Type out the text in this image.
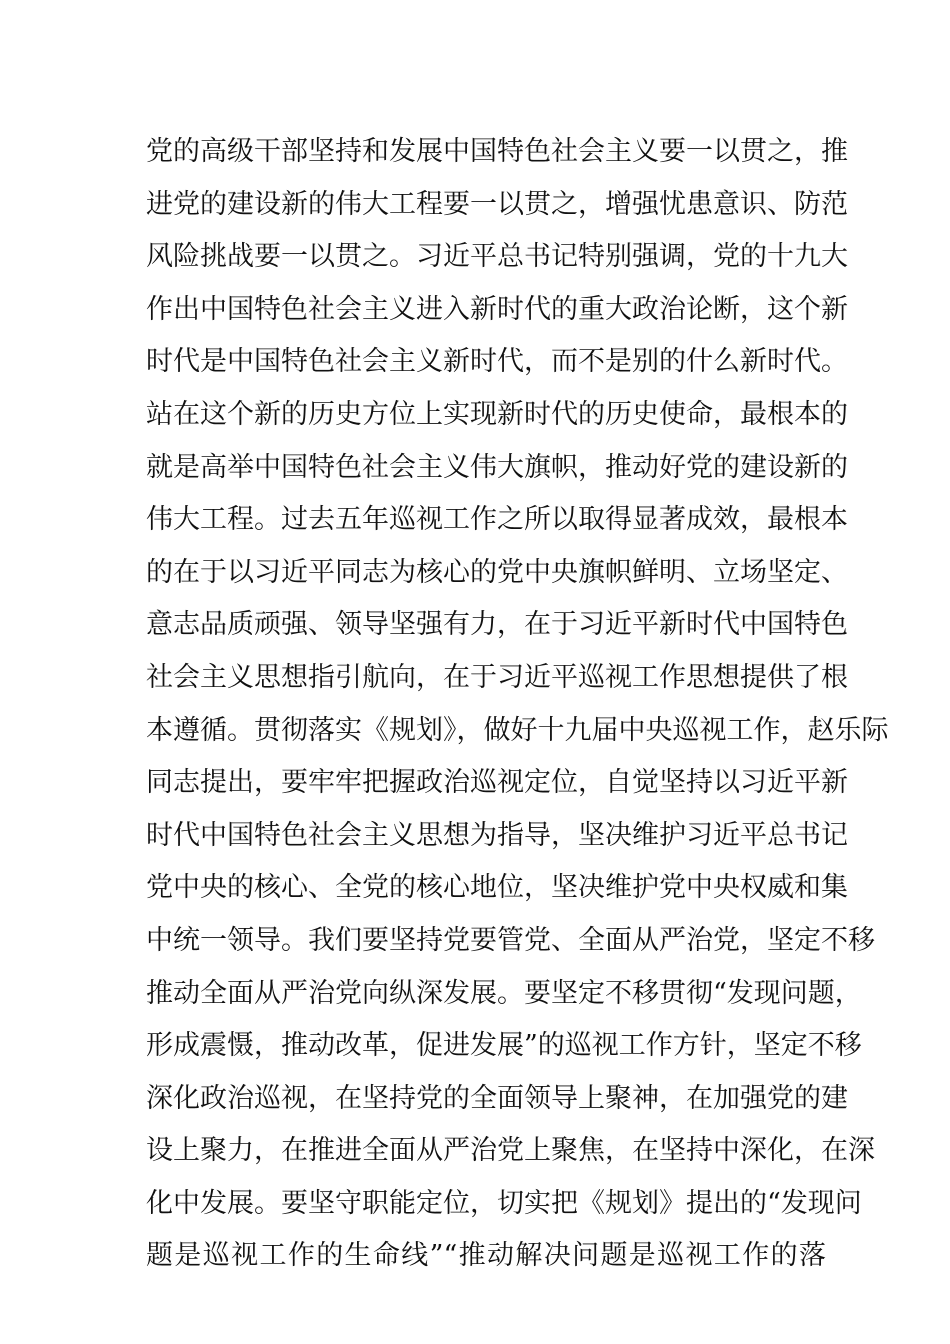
党的高级干部坚持和发展中国特色社会主义要一以贯之，推
进党的建设新的伟大工程要一以贯之，增强忧患意识、防范
风险挑战要一以贯之。习近平总书记特别强调，党的十九大
作出中国特色社会主义进入新时代的重大政治论断，这个新
时代是中国特色社会主义新时代，而不是别的什么新时代。
站在这个新的历史方位上实现新时代的历史使命，最根本的
就是高举中国特色社会主义伟大旗帜，推动好党的建设新的
伟大工程。过去五年巡视工作之所以取得显著成效，最根本
的在于以习近平同志为核心的党中央旗帜鲜明、立场坚定、
意志品质顽强、领导坚强有力，在于习近平新时代中国特色
社会主义思想指引航向，在于习近平巡视工作思想提供了根
本遵循。贯彻落实《规划》，做好十九届中央巡视工作，赵乐际
同志提出，要牢牢把握政治巡视定位，自觉坚持以习近平新
时代中国特色社会主义思想为指导，坚决维护习近平总书记
党中央的核心、全党的核心地位，坚决维护党中央权威和集
中统一领导。我们要坚持党要管党、全面从严治党，坚定不移
推动全面从严治党向纵深发展。要坚定不移贯彻“发现问题，
形成震慑，推动改革，促进发展”的巡视工作方针，坚定不移
深化政治巡视，在坚持党的全面领导上聚神，在加强党的建
设上聚力，在推进全面从严治党上聚焦，在坚持中深化，在深
化中发展。要坚守职能定位，切实把《规划》提出的“发现问
题是巡视工作的生命线”“推动解决问题是巡视工作的落
